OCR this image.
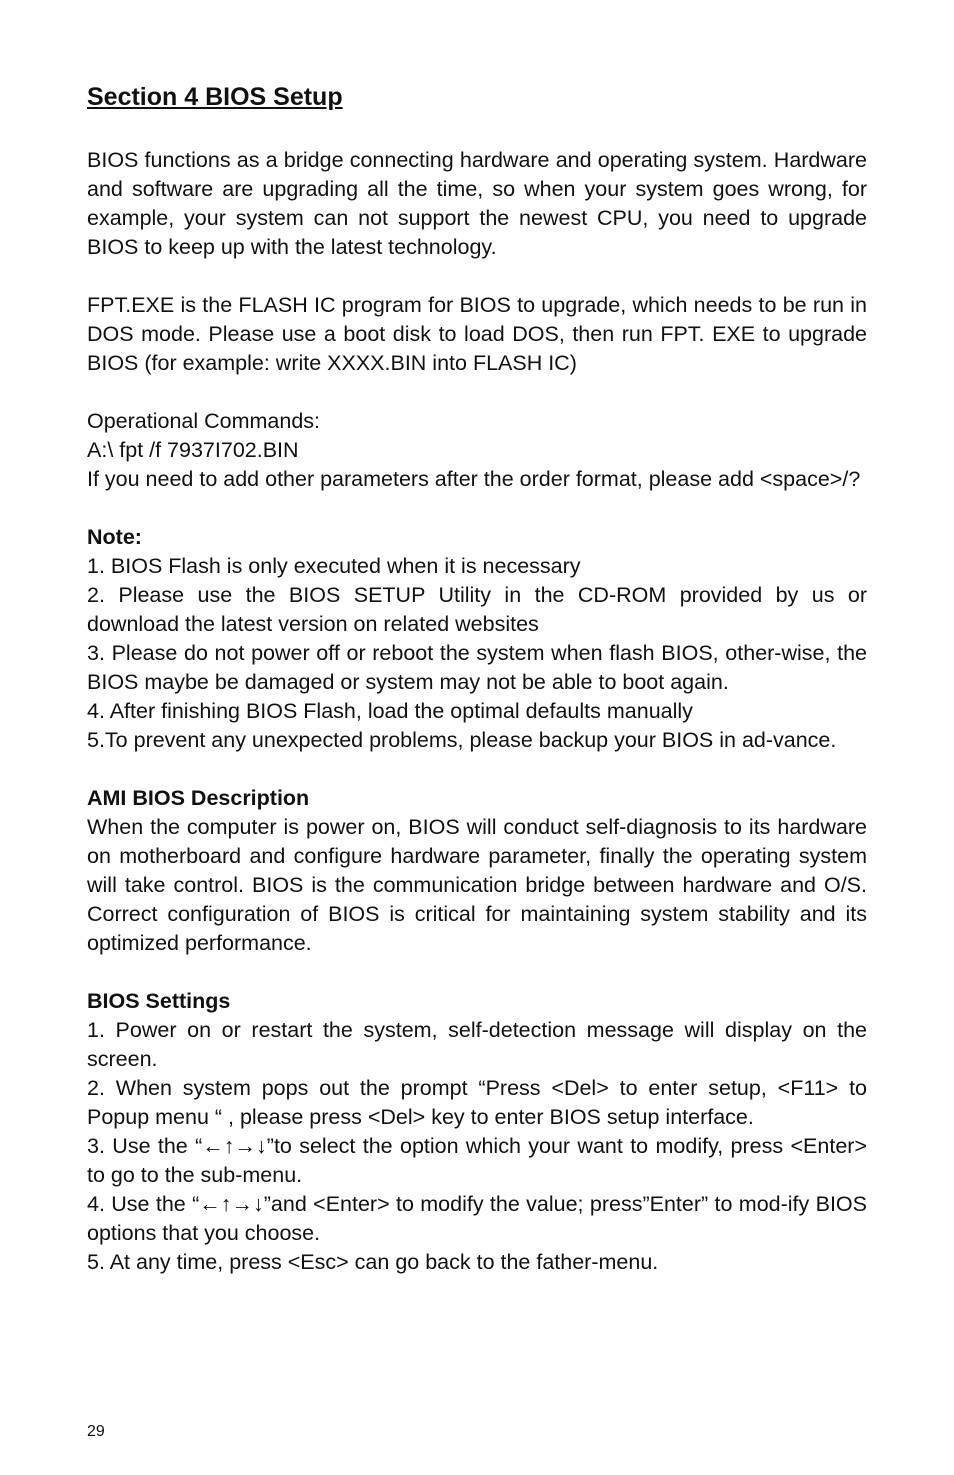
Section 4 BIOS Setup

BIOS functions as a bridge connecting hardware and operating system. Hardware and software are upgrading all the time, so when your system goes wrong, for example, your system can not support the newest CPU, you need to upgrade BIOS to keep up with the latest technology.

FPT.EXE is the FLASH IC program for BIOS to upgrade, which needs to be run in DOS mode. Please use a boot disk to load DOS, then run FPT. EXE to upgrade BIOS (for example: write XXXX.BIN into FLASH IC)

Operational Commands:

A:\ fpt /f 7937I702.BIN

If you need to add other parameters after the order format, please add <space>/?

Note:

1. BIOS Flash is only executed when it is necessary

2. Please use the BIOS SETUP Utility in the CD-ROM provided by us or download the latest version on related websites

3. Please do not power off or reboot the system when flash BIOS, other-wise, the BIOS maybe be damaged or system may not be able to boot again.

4. After finishing BIOS Flash, load the optimal defaults manually

5.To prevent any unexpected problems, please backup your BIOS in ad-vance.

AMI BIOS Description

When the computer is power on, BIOS will conduct self-diagnosis to its hardware on motherboard and configure hardware parameter, finally the operating system will take control. BIOS is the communication bridge between hardware and O/S. Correct configuration of BIOS is critical for maintaining system stability and its optimized performance.

BIOS Settings

1. Power on or restart the system, self-detection message will display on the screen.

2. When system pops out the prompt “Press <Del> to enter setup, <F11> to Popup menu “ , please press <Del> key to enter BIOS setup interface.

3. Use the “←↑→↓”to select the option which your want to modify, press <Enter> to go to the sub-menu.

4. Use the “←↑→↓”and <Enter> to modify the value; press”Enter” to mod-ify BIOS options that you choose.

5. At any time, press <Esc> can go back to the father-menu.

29
